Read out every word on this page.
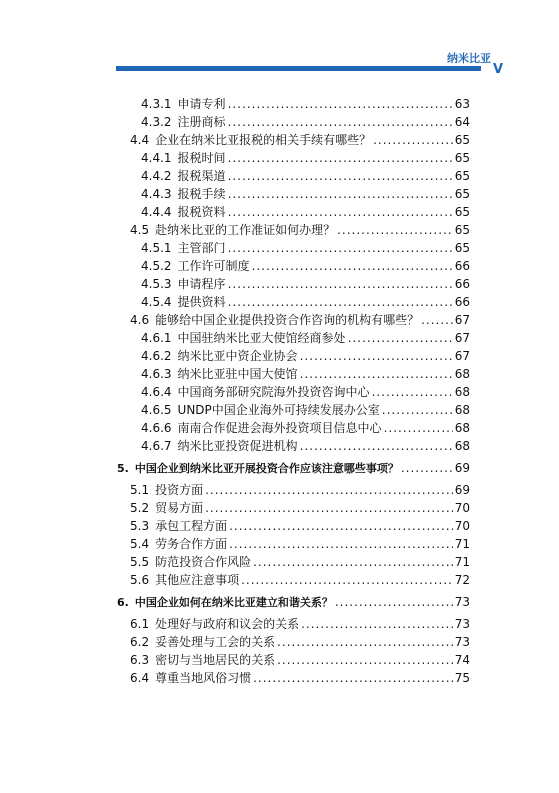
纳米比亚
V
4.3.1 申请专利 .....	63
4.3.2 注册商标 .....	64
4.4 企业在纳米比亚报税的相关手续有哪些？ .....	65
4.4.1 报税时间 .....	65
4.4.2 报税渠道 .....	65
4.4.3 报税手续 .....	65
4.4.4 报税资料 .....	65
4.5 赴纳米比亚的工作准证如何办理？ .....	65
4.5.1 主管部门 .....	65
4.5.2 工作许可制度 .....	66
4.5.3 申请程序 .....	66
4.5.4 提供资料 .....	66
4.6 能够给中国企业提供投资合作咨询的机构有哪些？ .....	67
4.6.1 中国驻纳米比亚大使馆经商参处 .....	67
4.6.2 纳米比亚中资企业协会 .....	67
4.6.3 纳米比亚驻中国大使馆 .....	68
4.6.4 中国商务部研究院海外投资咨询中心 .....	68
4.6.5 UNDP中国企业海外可持续发展办公室 .....	68
4.6.6 南南合作促进会海外投资项目信息中心 .....	68
4.6.7 纳米比亚投资促进机构 .....	68
5. 中国企业到纳米比亚开展投资合作应该注意哪些事项？ .....	69
5.1 投资方面 .....	69
5.2 贸易方面 .....	70
5.3 承包工程方面 .....	70
5.4 劳务合作方面 .....	71
5.5 防范投资合作风险 .....	71
5.6 其他应注意事项 .....	72
6. 中国企业如何在纳米比亚建立和谐关系？ .....	73
6.1 处理好与政府和议会的关系 .....	73
6.2 妥善处理与工会的关系 .....	73
6.3 密切与当地居民的关系 .....	74
6.4 尊重当地风俗习惯 .....	75
